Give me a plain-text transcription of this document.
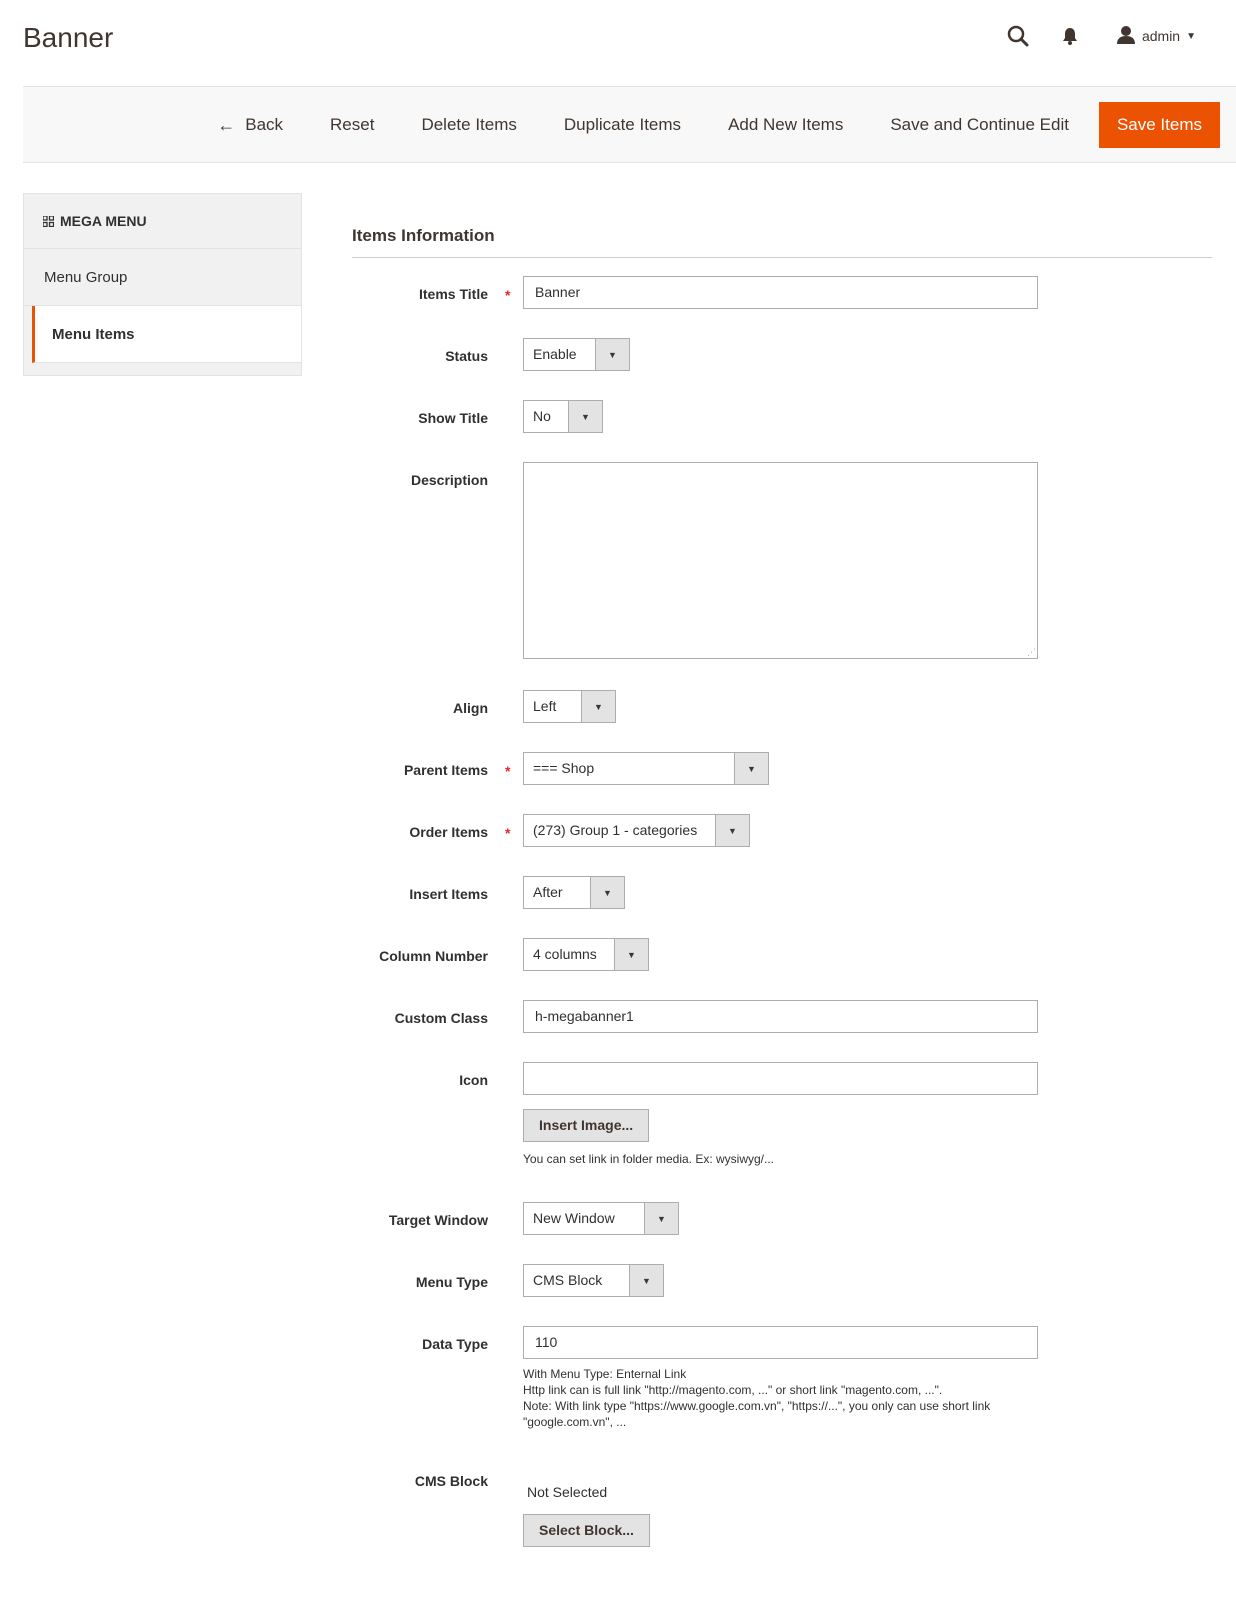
Banner	admin ▼
← Back	Reset	Delete Items	Duplicate Items	Add New Items	Save and Continue Edit	Save Items
MEGA MENU
Menu Group
Menu Items
Items Information
Items Title *	Banner
Status	Enable	▼
Show Title	No	▼
Description
⋰
Align	Left	▼
Parent Items *	=== Shop	▼
Order Items *	(273) Group 1 - categories	▼
Insert Items	After	▼
Column Number	4 columns	▼
Custom Class	h-megabanner1
Icon
Insert Image...
You can set link in folder media. Ex: wysiwyg/...
Target Window	New Window	▼
Menu Type	CMS Block	▼
Data Type	110
With Menu Type: Enternal Link
Http link can is full link "http://magento.com, ..." or short link "magento.com, ...".
Note: With link type "https://www.google.com.vn", "https://...", you only can use short link
"google.com.vn", ...
CMS Block
Not Selected
Select Block...
